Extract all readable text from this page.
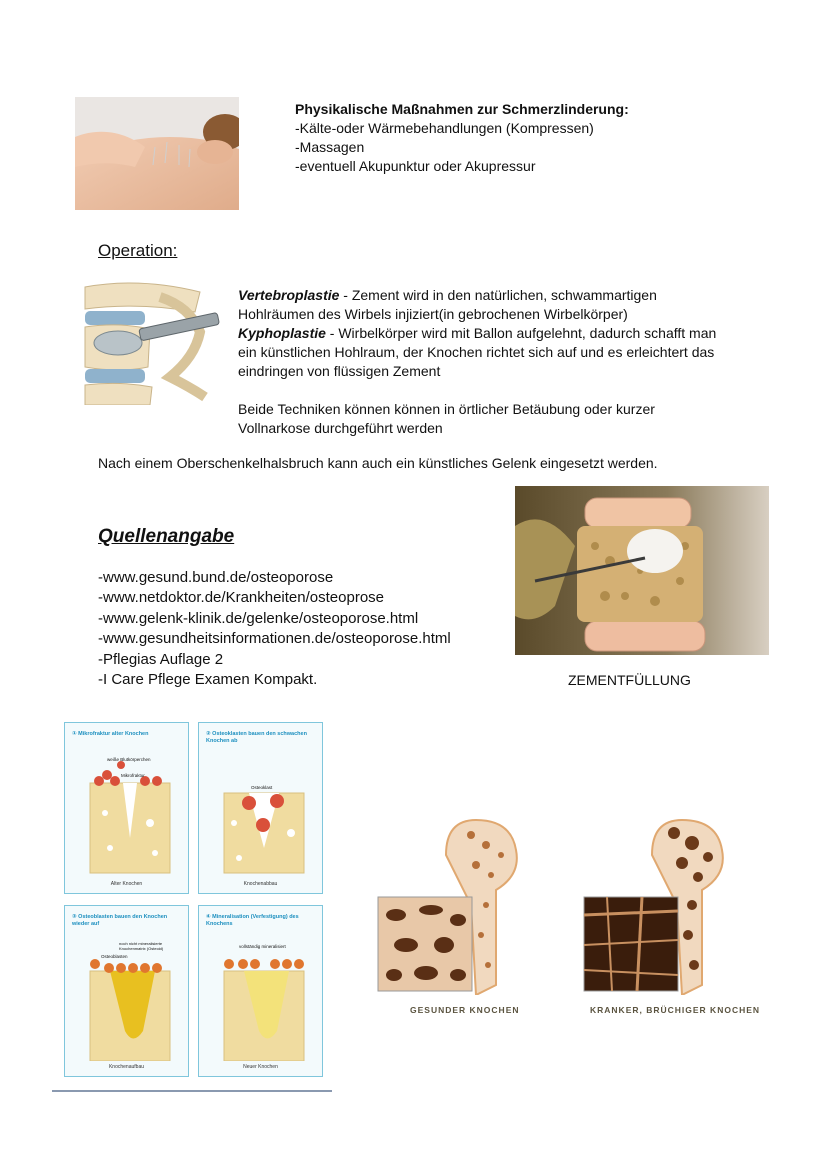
Physikalische Maßnahmen zur Schmerzlinderung:
-Kälte-oder Wärmebehandlungen (Kompressen)
-Massagen
-eventuell Akupunktur oder Akupressur
Operation:
Vertebroplastie - Zement wird in den natürlichen, schwammartigen
Hohlräumen des Wirbels injiziert(in gebrochenen Wirbelkörper)
Kyphoplastie - Wirbelkörper wird mit Ballon aufgelehnt, dadurch schafft man
ein künstlichen Hohlraum, der Knochen richtet sich auf und es erleichtert das
eindringen von flüssigen Zement
Beide Techniken können können in örtlicher Betäubung oder kurzer
Vollnarkose durchgeführt werden
Nach einem Oberschenkelhalsbruch kann auch ein künstliches Gelenk eingesetzt werden.
ZEMENTFÜLLUNG
Quellenangabe
-www.gesund.bund.de/osteoporose
-www.netdoktor.de/Krankheiten/osteoprose
-www.gelenk-klinik.de/gelenke/osteoporose.html
-www.gesundheitsinformationen.de/osteoporose.html
-Pflegias Auflage 2
-I Care Pflege Examen Kompakt.
① Mikrofraktur alter Knochen
weiße Blutkörperchen
Mikrofraktur
Alter Knochen
② Osteoklasten bauen den schwachen Knochen ab
Osteoklast
Knochenabbau
③ Osteoblasten bauen den Knochen wieder auf
Osteoblasten
noch nicht mineralisierte Knochenmatrix (Osteoid)
Knochenaufbau
④ Mineralisation (Verfestigung) des Knochens
vollständig mineralisiert
Neuer Knochen
GESUNDER KNOCHEN	KRANKER, BRÜCHIGER KNOCHEN
